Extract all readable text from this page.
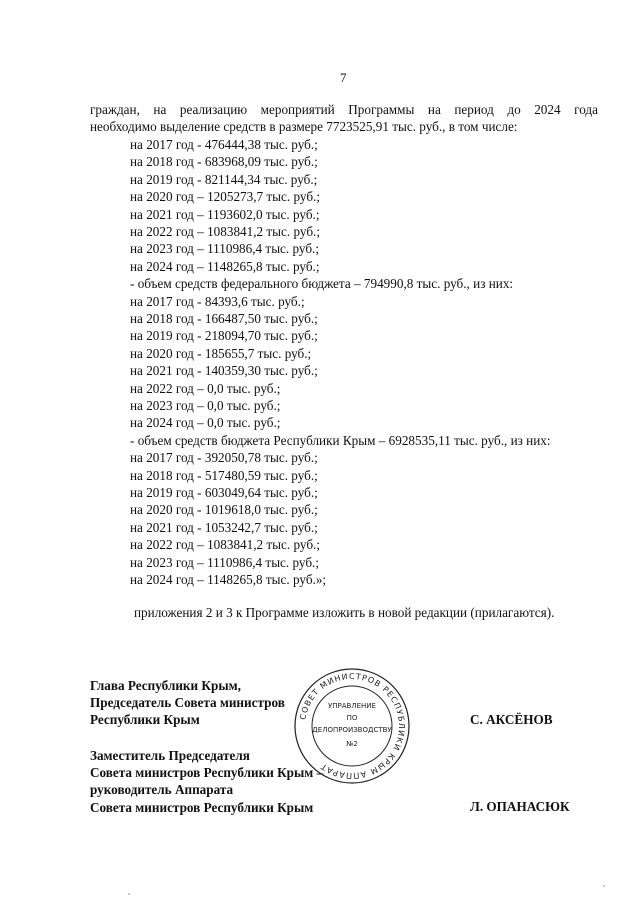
7
граждан, на реализацию мероприятий Программы на период до 2024 года
необходимо выделение средств в размере 7723525,91 тыс. руб., в том числе:
на 2017 год - 476444,38 тыс. руб.;
на 2018 год - 683968,09 тыс. руб.;
на 2019 год - 821144,34 тыс. руб.;
на 2020 год – 1205273,7 тыс. руб.;
на 2021 год – 1193602,0 тыс. руб.;
на 2022 год – 1083841,2 тыс. руб.;
на 2023 год – 1110986,4 тыс. руб.;
на 2024 год – 1148265,8 тыс. руб.;
- объем средств федерального бюджета – 794990,8 тыс. руб., из них:
на 2017 год - 84393,6 тыс. руб.;
на 2018 год - 166487,50 тыс. руб.;
на 2019 год - 218094,70 тыс. руб.;
на 2020 год - 185655,7 тыс. руб.;
на 2021 год - 140359,30 тыс. руб.;
на 2022 год – 0,0 тыс. руб.;
на 2023 год – 0,0 тыс. руб.;
на 2024 год – 0,0 тыс. руб.;
- объем средств бюджета Республики Крым – 6928535,11 тыс. руб., из них:
на 2017 год - 392050,78 тыс. руб.;
на 2018 год - 517480,59 тыс. руб.;
на 2019 год - 603049,64 тыс. руб.;
на 2020 год - 1019618,0 тыс. руб.;
на 2021 год - 1053242,7 тыс. руб.;
на 2022 год – 1083841,2 тыс. руб.;
на 2023 год – 1110986,4 тыс. руб.;
на 2024 год – 1148265,8 тыс. руб.»;
приложения 2 и 3 к Программе изложить в новой редакции (прилагаются).
Глава Республики Крым,
Председатель Совета министров
Республики Крым	С. АКСЁНОВ
Заместитель Председателя
Совета министров Республики Крым –
руководитель Аппарата
Совета министров Республики Крым	Л. ОПАНАСЮК
СОВЕТ МИНИСТРОВ РЕСПУБЛИКИ КРЫМ АППАРАТ
УПРАВЛЕНИЕ
ПО
ДЕЛОПРОИЗВОДСТВУ
№2
